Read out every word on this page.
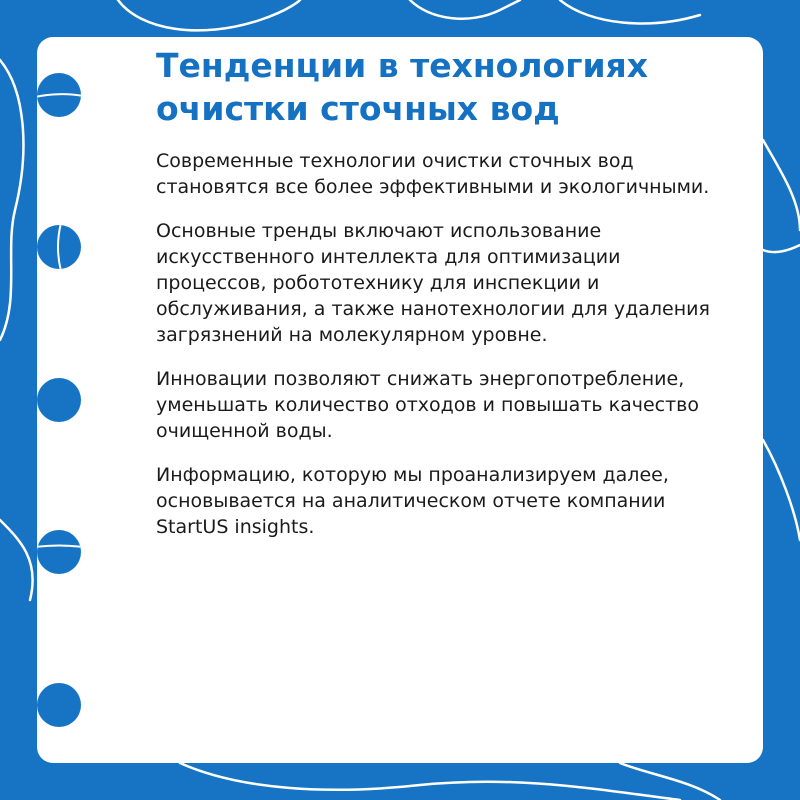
Тенденции в технологиях очистки сточных вод

Современные технологии очистки сточных вод становятся все более эффективными и экологичными.

Основные тренды включают использование искусственного интеллекта для оптимизации процессов, робототехнику для инспекции и обслуживания, а также нанотехнологии для удаления загрязнений на молекулярном уровне.

Инновации позволяют снижать энергопотребление, уменьшать количество отходов и повышать качество очищенной воды.

Информацию, которую мы проанализируем далее, основывается на аналитическом отчете компании StartUS insights.
